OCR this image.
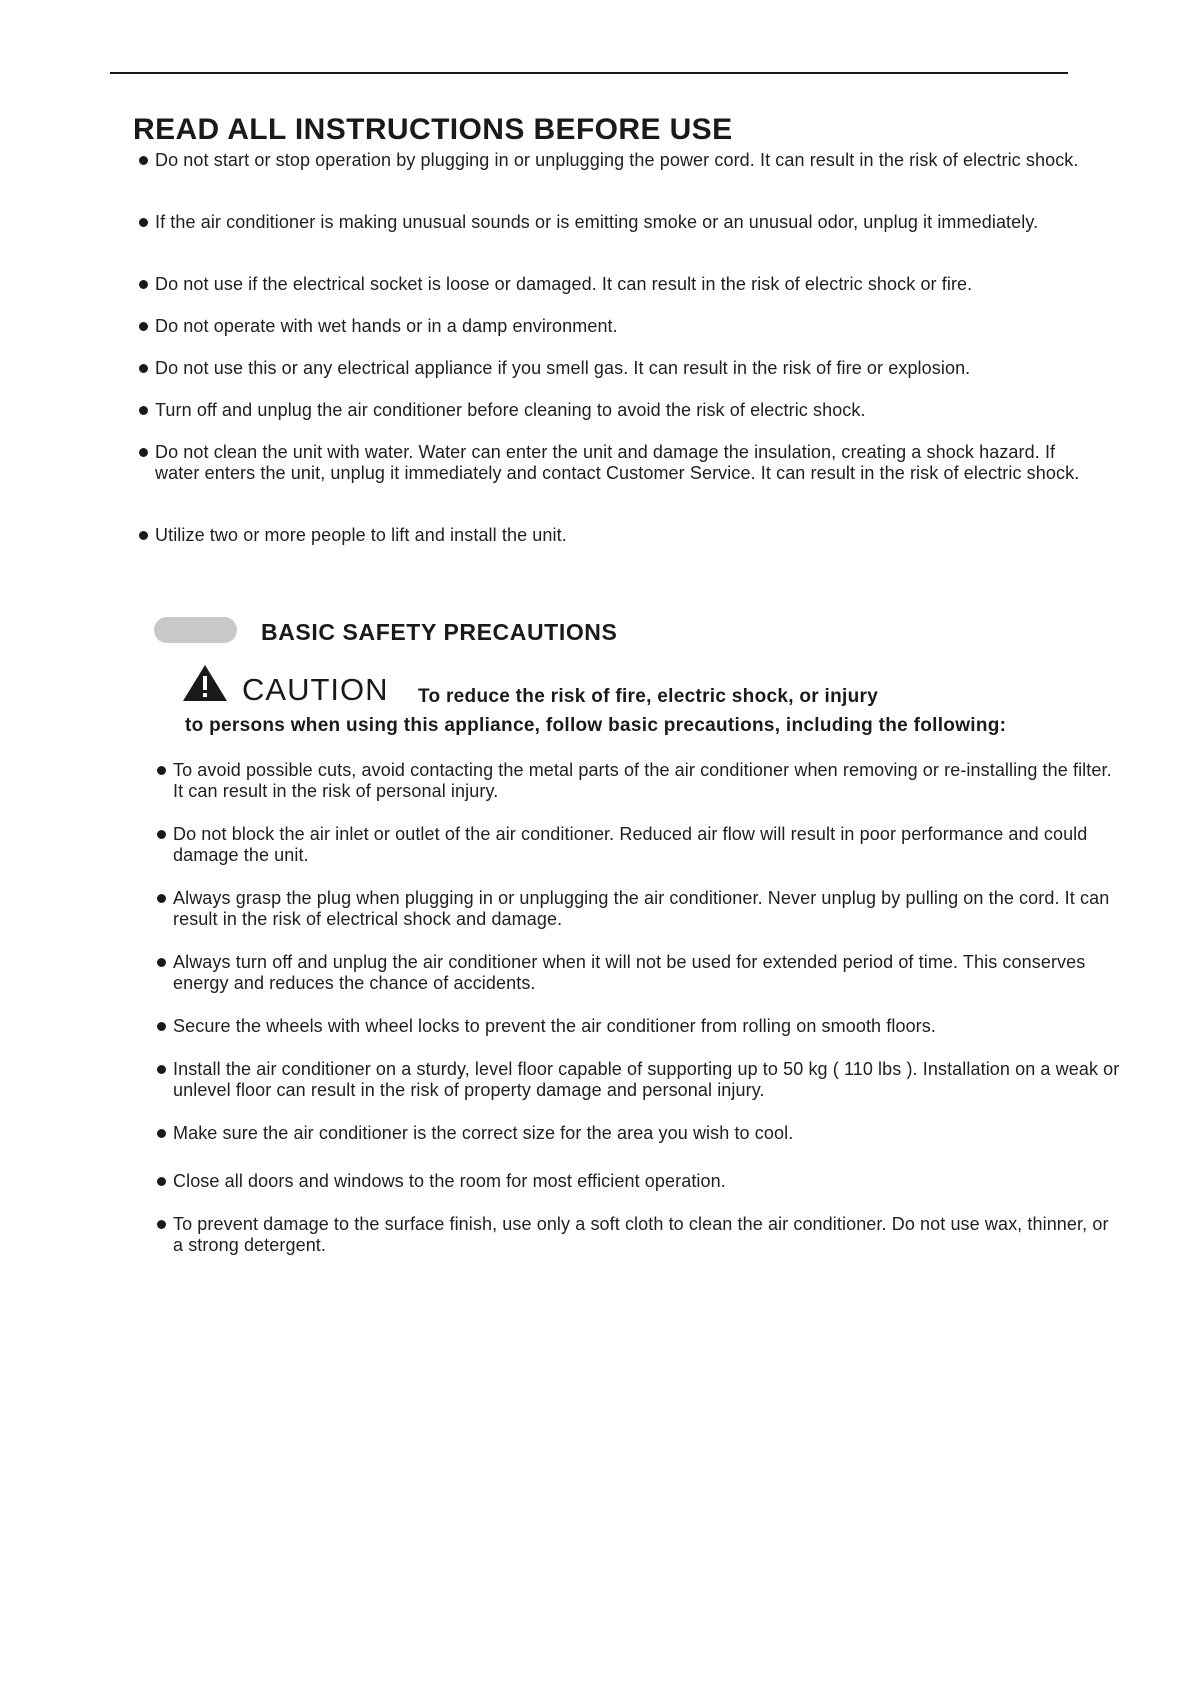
READ ALL INSTRUCTIONS BEFORE USE

Do not start or stop operation by plugging in or unplugging the power cord. It can result in the risk of electric shock.

If the air conditioner is making unusual sounds or is emitting smoke or an unusual odor, unplug it immediately.

Do not use if the electrical socket is loose or damaged. It can result in the risk of electric shock or fire.

Do not operate with wet hands or in a damp environment.

Do not use this or any electrical appliance if you smell gas. It can result in the risk of fire or explosion.

Turn off and unplug the air conditioner before cleaning to avoid the risk of electric shock.

Do not clean the unit with water. Water can enter the unit and damage the insulation, creating a shock hazard. If water enters the unit, unplug it immediately and contact Customer Service. It can result in the risk of electric shock.

Utilize two or more people to lift and install the unit.

BASIC SAFETY PRECAUTIONS
CAUTION To reduce the risk of fire, electric shock, or injury
to persons when using this appliance, follow basic precautions, including the following:

To avoid possible cuts, avoid contacting the metal parts of the air conditioner when removing or re-installing the filter. It can result in the risk of personal injury.

Do not block the air inlet or outlet of the air conditioner. Reduced air flow will result in poor performance and could damage the unit.

Always grasp the plug when plugging in or unplugging the air conditioner. Never unplug by pulling on the cord. It can result in the risk of electrical shock and damage.

Always turn off and unplug the air conditioner when it will not be used for extended period of time. This conserves energy and reduces the chance of accidents.

Secure the wheels with wheel locks to prevent the air conditioner from rolling on smooth floors.

Install the air conditioner on a sturdy, level floor capable of supporting up to 50 kg ( 110 lbs ). Installation on a weak or unlevel floor can result in the risk of property damage and personal injury.

Make sure the air conditioner is the correct size for the area you wish to cool.

Close all doors and windows to the room for most efficient operation.

To prevent damage to the surface finish, use only a soft cloth to clean the air conditioner. Do not use wax, thinner, or a strong detergent.
